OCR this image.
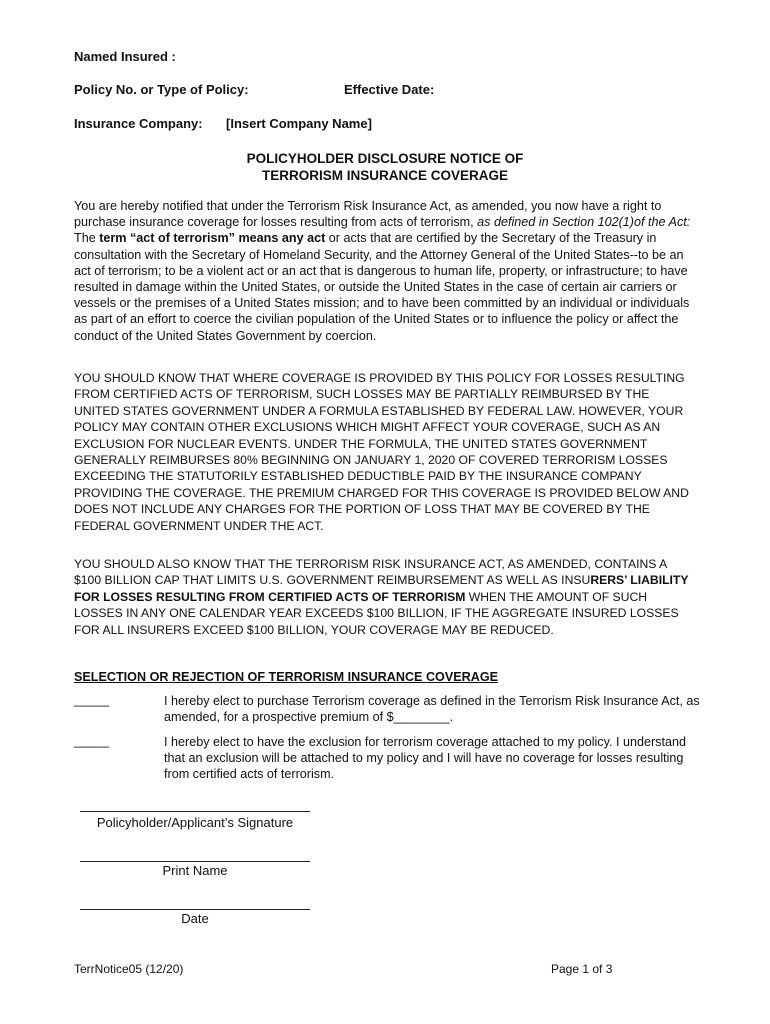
Named Insured :
Policy No. or Type of Policy:	Effective Date:
Insurance Company: [Insert Company Name]
POLICYHOLDER DISCLOSURE NOTICE OF
TERRORISM INSURANCE COVERAGE
You are hereby notified that under the Terrorism Risk Insurance Act, as amended, you now have a right to purchase insurance coverage for losses resulting from acts of terrorism, as defined in Section 102(1)of the Act: The term “act of terrorism” means any act or acts that are certified by the Secretary of the Treasury in consultation with the Secretary of Homeland Security, and the Attorney General of the United States--to be an act of terrorism; to be a violent act or an act that is dangerous to human life, property, or infrastructure; to have resulted in damage within the United States, or outside the United States in the case of certain air carriers or vessels or the premises of a United States mission; and to have been committed by an individual or individuals as part of an effort to coerce the civilian population of the United States or to influence the policy or affect the conduct of the United States Government by coercion.
YOU SHOULD KNOW THAT WHERE COVERAGE IS PROVIDED BY THIS POLICY FOR LOSSES RESULTING FROM CERTIFIED ACTS OF TERRORISM, SUCH LOSSES MAY BE PARTIALLY REIMBURSED BY THE UNITED STATES GOVERNMENT UNDER A FORMULA ESTABLISHED BY FEDERAL LAW. HOWEVER, YOUR POLICY MAY CONTAIN OTHER EXCLUSIONS WHICH MIGHT AFFECT YOUR COVERAGE, SUCH AS AN EXCLUSION FOR NUCLEAR EVENTS. UNDER THE FORMULA, THE UNITED STATES GOVERNMENT GENERALLY REIMBURSES 80% BEGINNING ON JANUARY 1, 2020 OF COVERED TERRORISM LOSSES EXCEEDING THE STATUTORILY ESTABLISHED DEDUCTIBLE PAID BY THE INSURANCE COMPANY PROVIDING THE COVERAGE. THE PREMIUM CHARGED FOR THIS COVERAGE IS PROVIDED BELOW AND DOES NOT INCLUDE ANY CHARGES FOR THE PORTION OF LOSS THAT MAY BE COVERED BY THE FEDERAL GOVERNMENT UNDER THE ACT.
YOU SHOULD ALSO KNOW THAT THE TERRORISM RISK INSURANCE ACT, AS AMENDED, CONTAINS A $100 BILLION CAP THAT LIMITS U.S. GOVERNMENT REIMBURSEMENT AS WELL AS INSURERS’ LIABILITY FOR LOSSES RESULTING FROM CERTIFIED ACTS OF TERRORISM WHEN THE AMOUNT OF SUCH LOSSES IN ANY ONE CALENDAR YEAR EXCEEDS $100 BILLION, IF THE AGGREGATE INSURED LOSSES FOR ALL INSURERS EXCEED $100 BILLION, YOUR COVERAGE MAY BE REDUCED.
SELECTION OR REJECTION OF TERRORISM INSURANCE COVERAGE
_____	I hereby elect to purchase Terrorism coverage as defined in the Terrorism Risk Insurance Act, as amended, for a prospective premium of $________.
_____	I hereby elect to have the exclusion for terrorism coverage attached to my policy. I understand that an exclusion will be attached to my policy and I will have no coverage for losses resulting from certified acts of terrorism.
Policyholder/Applicant’s Signature
Print Name
Date
TerrNotice05 (12/20)	Page 1 of 3
